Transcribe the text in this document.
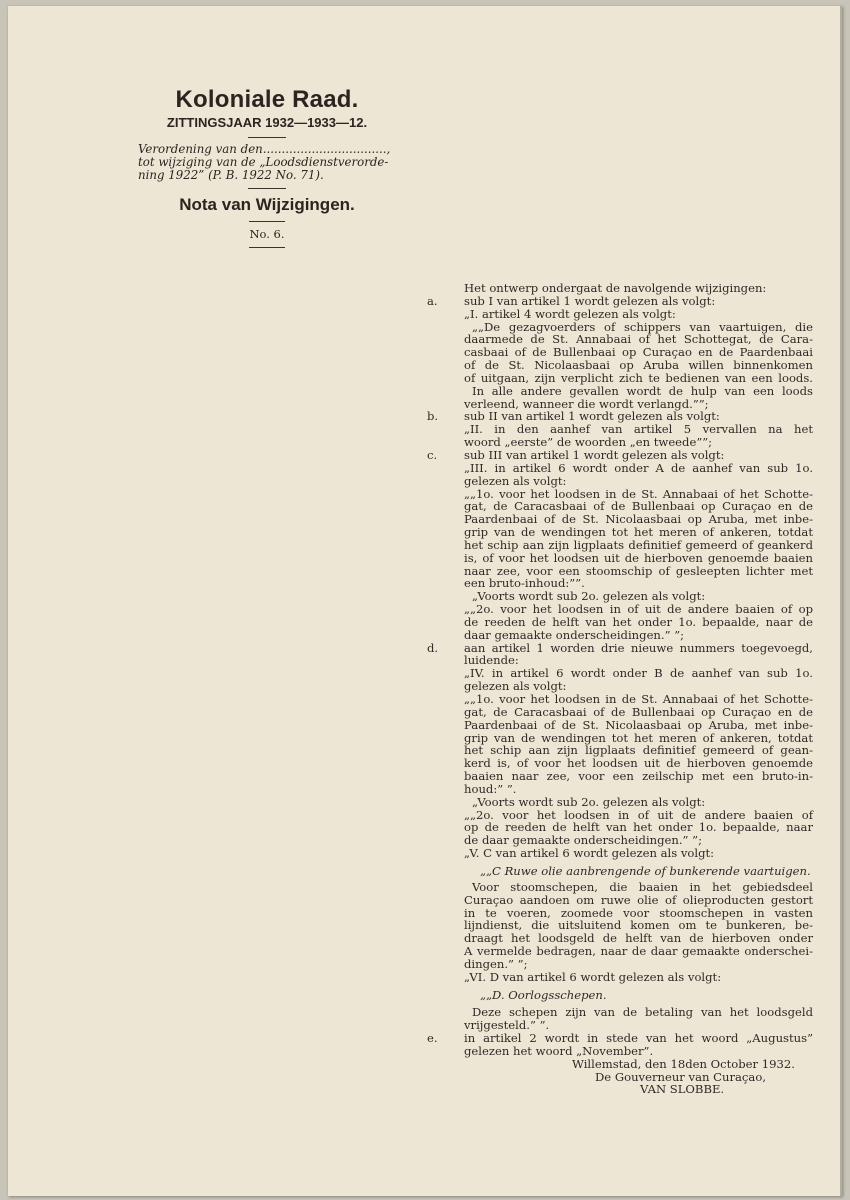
Koloniale Raad.
ZITTINGSJAAR 1932—1933—12.
Verordening van den.................................,
tot wijziging van de „Loodsdienstverorde-
ning 1922” (P. B. 1922 No. 71).
Nota van Wijzigingen.
No. 6.
Het ontwerp ondergaat de navolgende wijzigingen:
a.	sub I van artikel 1 wordt gelezen als volgt:
„I. artikel 4 wordt gelezen als volgt:
„„De gezagvoerders of schippers van vaartuigen, die
daarmede de St. Annabaai of het Schottegat, de Cara-
casbaai of de Bullenbaai op Curaçao en de Paardenbaai
of de St. Nicolaasbaai op Aruba willen binnenkomen
of uitgaan, zijn verplicht zich te bedienen van een loods.
In alle andere gevallen wordt de hulp van een loods
verleend, wanneer die wordt verlangd.””;
b.	sub II van artikel 1 wordt gelezen als volgt:
„II. in den aanhef van artikel 5 vervallen na het
woord „eerste” de woorden „en tweede””;
c.	sub III van artikel 1 wordt gelezen als volgt:
„III. in artikel 6 wordt onder A de aanhef van sub 1o.
gelezen als volgt:
„„1o. voor het loodsen in de St. Annabaai of het Schotte-
gat, de Caracasbaai of de Bullenbaai op Curaçao en de
Paardenbaai of de St. Nicolaasbaai op Aruba, met inbe-
grip van de wendingen tot het meren of ankeren, totdat
het schip aan zijn ligplaats definitief gemeerd of geankerd
is, of voor het loodsen uit de hierboven genoemde baaien
naar zee, voor een stoomschip of gesleepten lichter met
een bruto-inhoud:””.
„Voorts wordt sub 2o. gelezen als volgt:
„„2o. voor het loodsen in of uit de andere baaien of op
de reeden de helft van het onder 1o. bepaalde, naar de
daar gemaakte onderscheidingen.” ”;
d.	aan artikel 1 worden drie nieuwe nummers toegevoegd,
luidende:
„IV. in artikel 6 wordt onder B de aanhef van sub 1o.
gelezen als volgt:
„„1o. voor het loodsen in de St. Annabaai of het Schotte-
gat, de Caracasbaai of de Bullenbaai op Curaçao en de
Paardenbaai of de St. Nicolaasbaai op Aruba, met inbe-
grip van de wendingen tot het meren of ankeren, totdat
het schip aan zijn ligplaats definitief gemeerd of gean-
kerd is, of voor het loodsen uit de hierboven genoemde
baaien naar zee, voor een zeilschip met een bruto-in-
houd:” ”.
„Voorts wordt sub 2o. gelezen als volgt:
„„2o. voor het loodsen in of uit de andere baaien of
op de reeden de helft van het onder 1o. bepaalde, naar
de daar gemaakte onderscheidingen.” ”;
„V. C van artikel 6 wordt gelezen als volgt:
„„C Ruwe olie aanbrengende of bunkerende vaartuigen.
Voor stoomschepen, die baaien in het gebiedsdeel
Curaçao aandoen om ruwe olie of olieproducten gestort
in te voeren, zoomede voor stoomschepen in vasten
lijndienst, die uitsluitend komen om te bunkeren, be-
draagt het loodsgeld de helft van de hierboven onder
A vermelde bedragen, naar de daar gemaakte onderschei-
dingen.” ”;
„VI. D van artikel 6 wordt gelezen als volgt:
„„D. Oorlogsschepen.
Deze schepen zijn van de betaling van het loodsgeld
vrijgesteld.” ”.
e.	in artikel 2 wordt in stede van het woord „Augustus”
gelezen het woord „November”.
Willemstad, den 18den October 1932.
De Gouverneur van Curaçao,
VAN SLOBBE.
